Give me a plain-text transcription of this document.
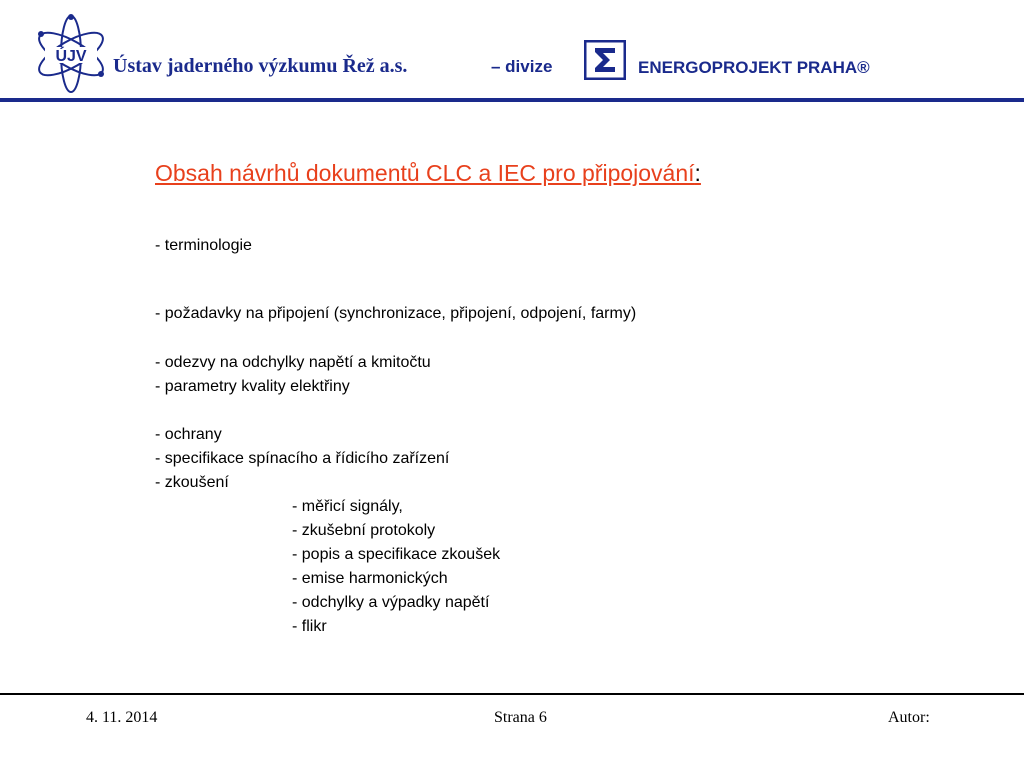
ÚJV Ústav jaderného výzkumu Řež a.s.	– divize	ENERGOPROJEKT PRAHA®
Obsah návrhů dokumentů CLC a IEC pro připojování:
- terminologie
- požadavky na připojení (synchronizace, připojení, odpojení, farmy)
- odezvy na odchylky napětí a kmitočtu
- parametry kvality elektřiny
- ochrany
- specifikace spínacího a řídicího zařízení
- zkoušení
- měřicí signály,
- zkušební protokoly
- popis a specifikace zkoušek
- emise harmonických
- odchylky a výpadky napětí
- flikr
4. 11. 2014	Strana 6	Autor:
